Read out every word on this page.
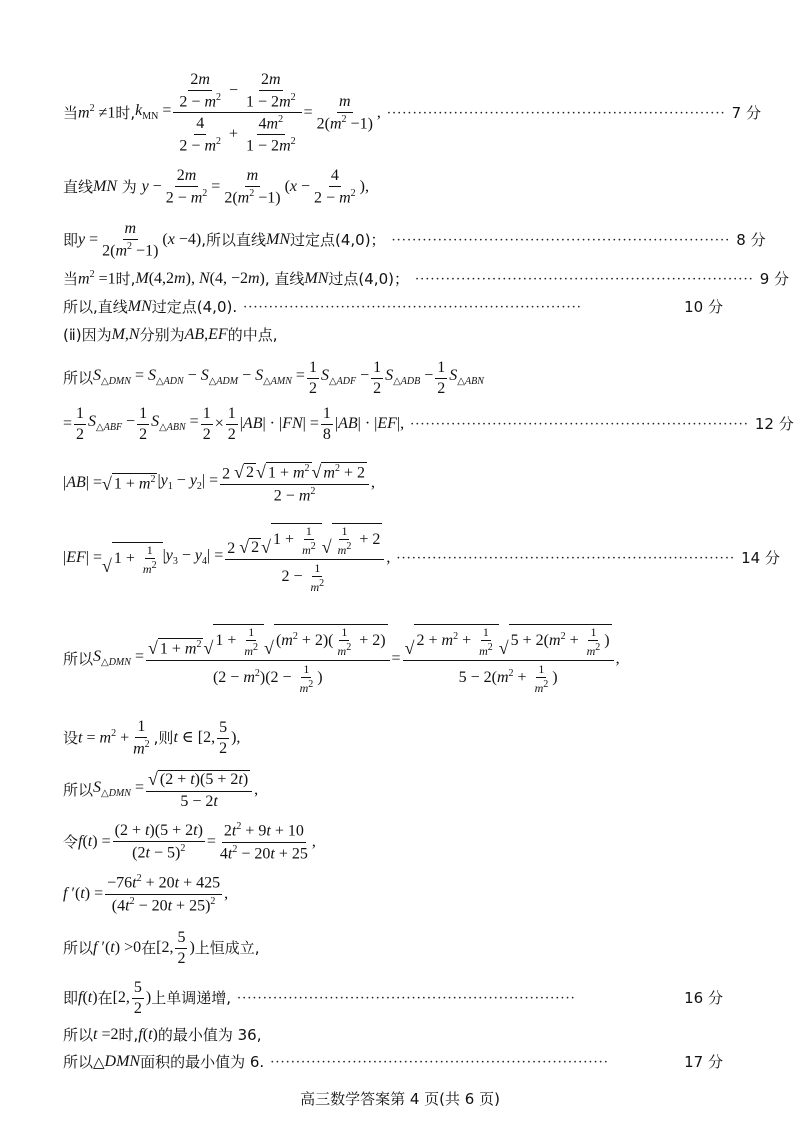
当 $m^2 \ne 1$ 时, $k_{MN} = \frac{\frac{2m}{2 - m^2} - \frac{2m}{1 - 2m^2}}{\frac{4}{2 - m^2} + \frac{4m^2}{1 - 2m^2}} = \frac{m}{2(m^2 -1)}$ , ·································································· 7 分
直线 MN 为 $y - \frac{2m}{2 - m^2} = \frac{m}{2(m^2 -1)} (x - \frac{4}{2 - m^2}$ ),
即 $y = \frac{m}{2(m^2 -1)} (x -4)$ ,所以直线 MN 过定点(4,0)； ·································································· 8 分
当 $m^2 =1$ 时, M(4,2m), N(4, −2m) , 直线 MN 过点(4,0)； ·································································· 9 分
所以,直线 MN 过定点(4,0). ··································································	10 分
(ⅱ)因为 M,N 分别为 AB,EF 的中点,
所以 $S_{\triangle DMN} = S_{\triangle ADN} - S_{\triangle ADM} - S_{\triangle AMN} = \frac{1}{2} S_{\triangle ADF} - \frac{1}{2} S_{\triangle ADB} - \frac{1}{2} S_{\triangle ABN}$
= $\frac{1}{2} S_{\triangle ABF} - \frac{1}{2} S_{\triangle ABN} = \frac{1}{2} \times \frac{1}{2} |AB| \cdot |FN| = \frac{1}{8} |AB| \cdot |EF|$, ·································································· 12 分
|AB| = √ $1 + m^2$ $|y_1 - y_2| = \frac{2 √ 2 √ 1 + m^2 √ m^2 + 2}{2 - m^2}$ ,
|EF| = √ $1 + \frac{1}{m^2} |y_3 - y_4| = \frac{2 √ 2 √ 1 + \frac{1}{m^2} √ \frac{1}{m^2} + 2}{2 - \frac{1}{m^2}}$ , ·································································· 14 分
所以 $S_{\triangle DMN} = \frac{√ 1 + m^2 √ 1 + \frac{1}{m^2} √ (m^2 + 2)( \frac{1}{m^2} + 2)}{(2 - m^2)(2 - \frac{1}{m^2} )} = \frac{√ 2 + m^2 + \frac{1}{m^2} √ 5 + 2(m^2 + \frac{1}{m^2} )}{5 - 2(m^2 + \frac{1}{m^2} )}$ ,
设 $t = m^2 + \frac{1}{m^2}$ ,则 t ∈ [2, $\frac{5}{2}$ ),
所以 $S_{\triangle DMN} = \frac{√ (2 + t)(5 + 2t)}{5 - 2t}$ ,
令 $f(t) = \frac{(2 + t)(5 + 2t)}{(2t - 5)^2} = \frac{2t^2 + 9t + 10}{4t^2 - 20t + 25}$ ,
f $'(t) = \frac{-76t^2 + 20t + 425}{(4t^2 - 20t + 25)^2}$ ,
所以 f ′(t) >0 在 [2, $\frac{5}{2}$ ) 上恒成立,
即 f(t) 在 [2, $\frac{5}{2}$ ) 上单调递增, ··································································	16 分
所以 t =2 时, f(t) 的最小值为 36,
所以△ DMN 面积的最小值为 6. ··································································	17 分
高三数学答案第 4 页(共 6 页)
